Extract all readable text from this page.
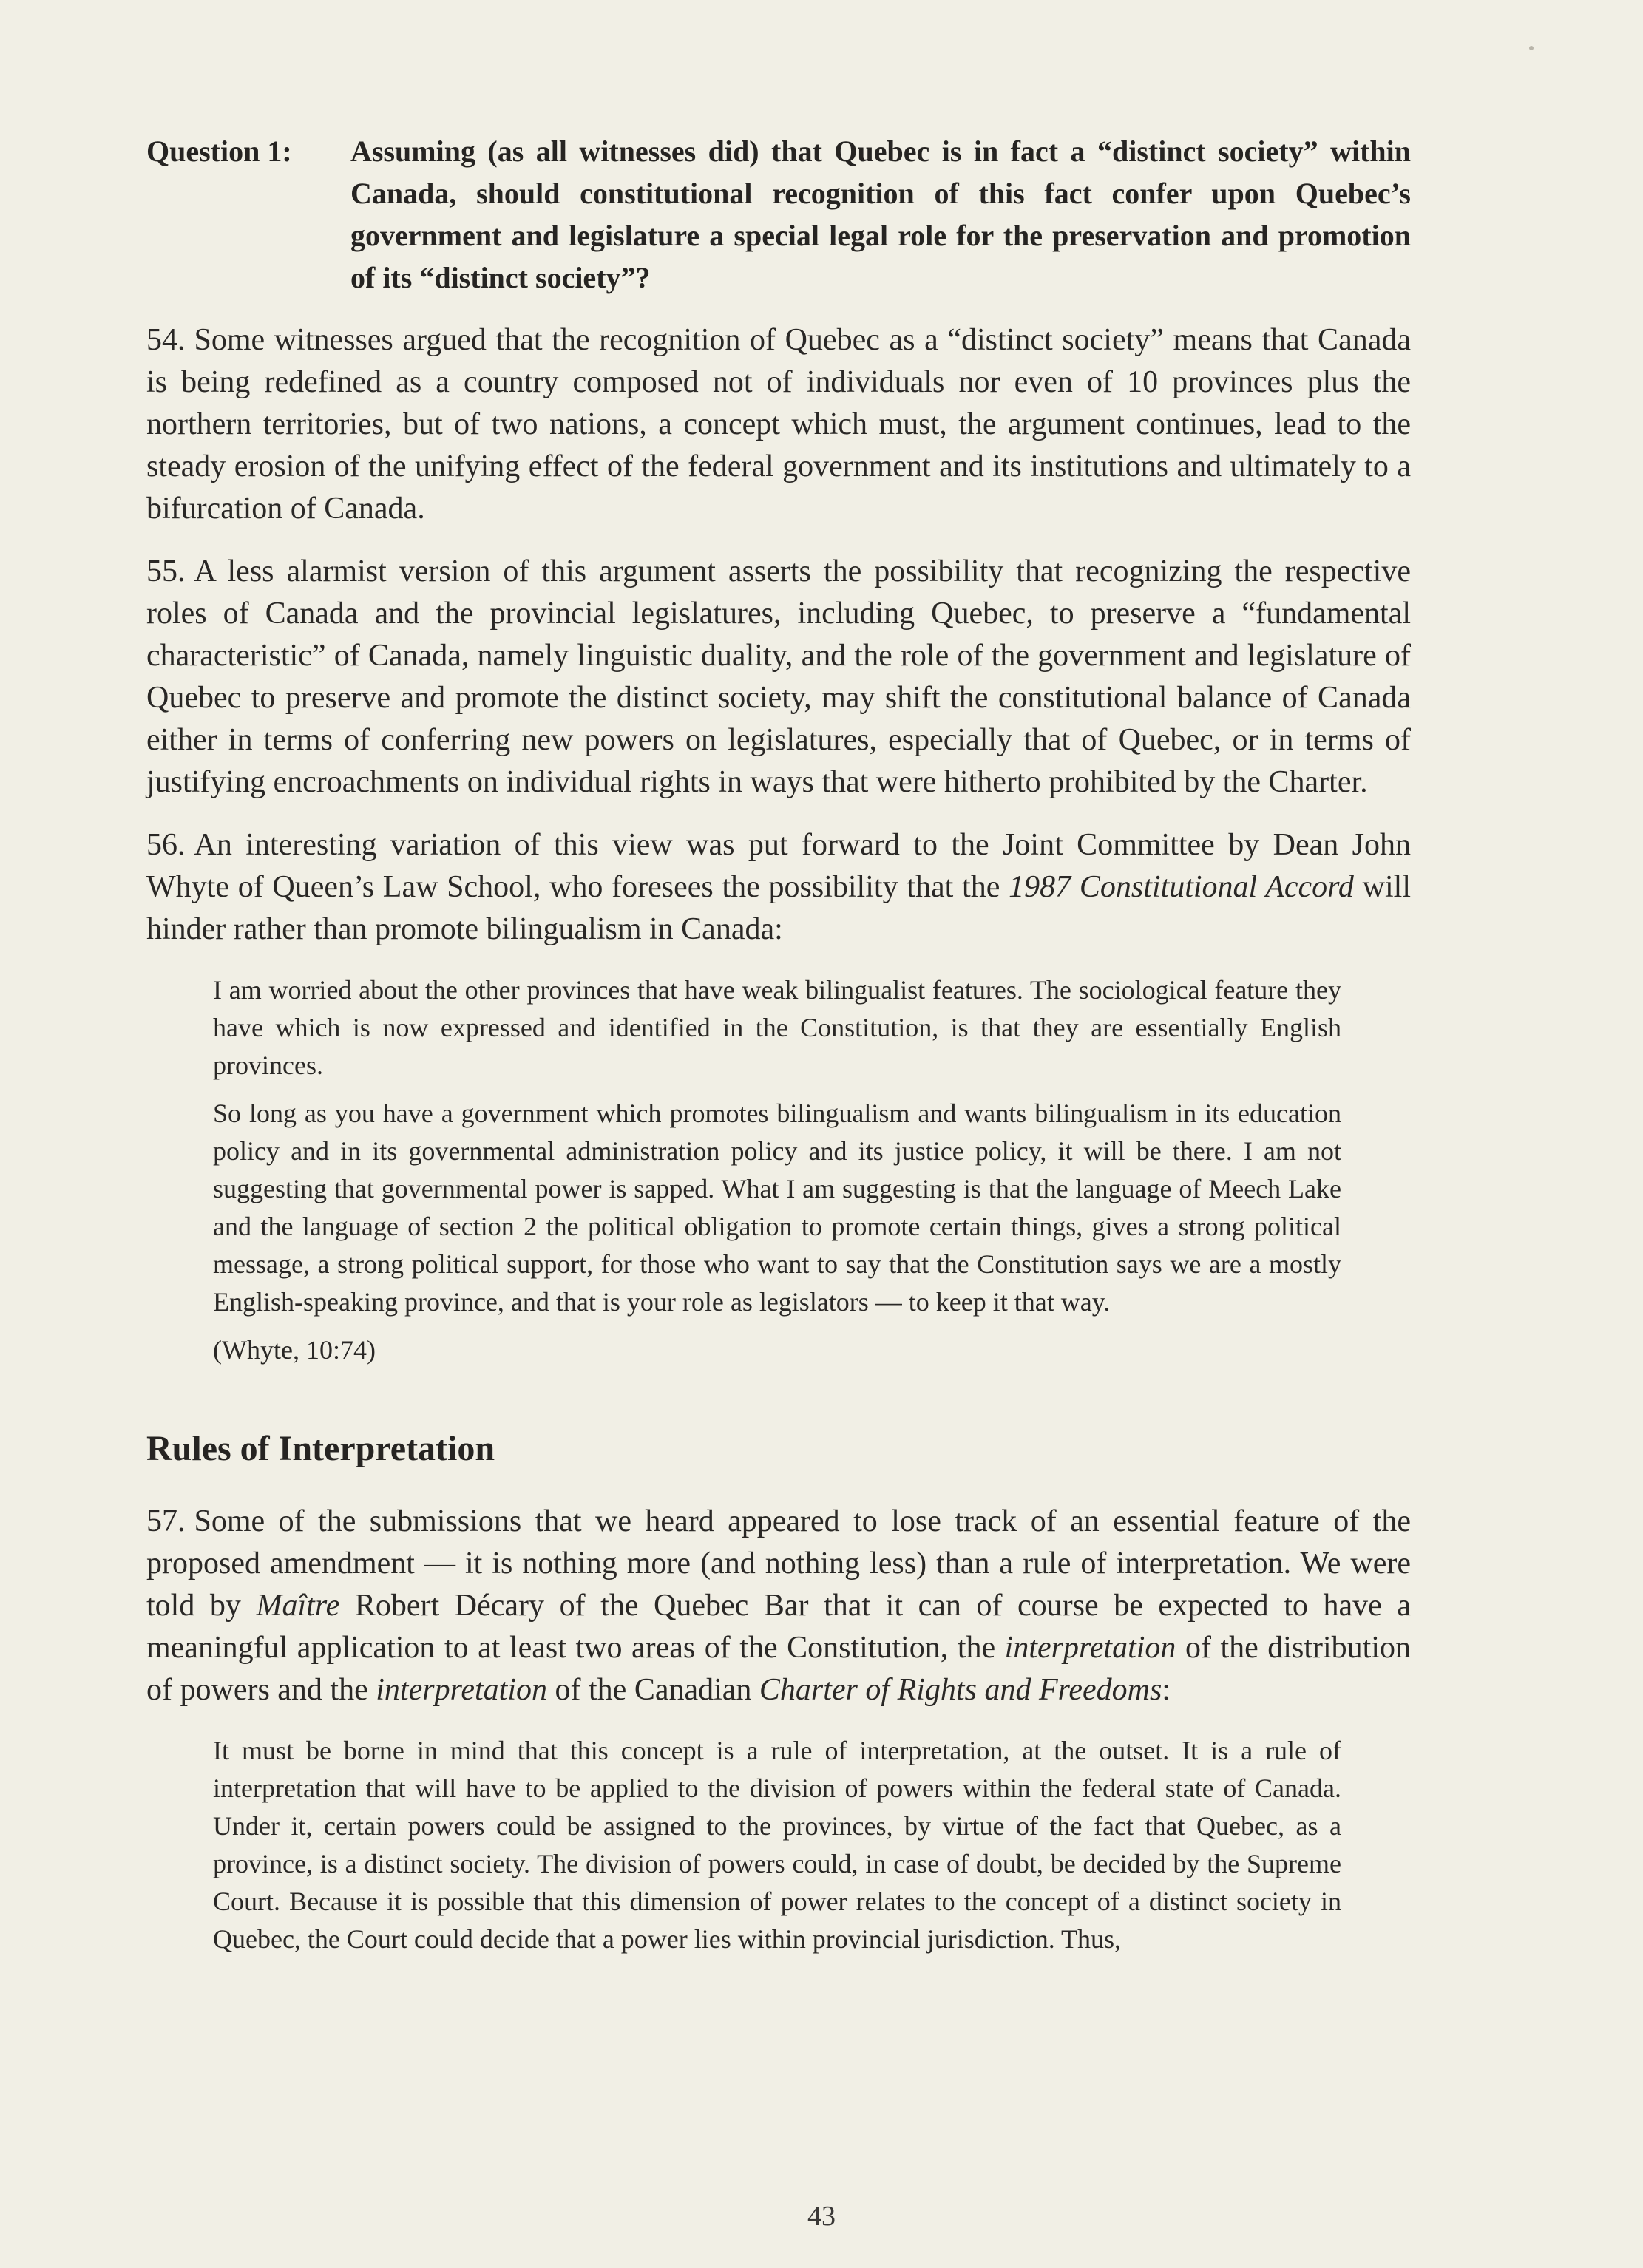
Question 1:	Assuming (as all witnesses did) that Quebec is in fact a “distinct society” within Canada, should constitutional recognition of this fact confer upon Quebec’s government and legislature a special legal role for the preservation and promotion of its “distinct society”?

54. Some witnesses argued that the recognition of Quebec as a “distinct society” means that Canada is being redefined as a country composed not of individuals nor even of 10 provinces plus the northern territories, but of two nations, a concept which must, the argument continues, lead to the steady erosion of the unifying effect of the federal government and its institutions and ultimately to a bifurcation of Canada.

55. A less alarmist version of this argument asserts the possibility that recognizing the respective roles of Canada and the provincial legislatures, including Quebec, to preserve a “fundamental characteristic” of Canada, namely linguistic duality, and the role of the government and legislature of Quebec to preserve and promote the distinct society, may shift the constitutional balance of Canada either in terms of conferring new powers on legislatures, especially that of Quebec, or in terms of justifying encroachments on individual rights in ways that were hitherto prohibited by the Charter.

56. An interesting variation of this view was put forward to the Joint Committee by Dean John Whyte of Queen’s Law School, who foresees the possibility that the 1987 Constitutional Accord will hinder rather than promote bilingualism in Canada:

I am worried about the other provinces that have weak bilingualist features. The sociological feature they have which is now expressed and identified in the Constitution, is that they are essentially English provinces.

So long as you have a government which promotes bilingualism and wants bilingualism in its education policy and in its governmental administration policy and its justice policy, it will be there. I am not suggesting that governmental power is sapped. What I am suggesting is that the language of Meech Lake and the language of section 2 the political obligation to promote certain things, gives a strong political message, a strong political support, for those who want to say that the Constitution says we are a mostly English-speaking province, and that is your role as legislators — to keep it that way.

(Whyte, 10:74)

Rules of Interpretation

57. Some of the submissions that we heard appeared to lose track of an essential feature of the proposed amendment — it is nothing more (and nothing less) than a rule of interpretation. We were told by Maître Robert Décary of the Quebec Bar that it can of course be expected to have a meaningful application to at least two areas of the Constitution, the interpretation of the distribution of powers and the interpretation of the Canadian Charter of Rights and Freedoms:

It must be borne in mind that this concept is a rule of interpretation, at the outset. It is a rule of interpretation that will have to be applied to the division of powers within the federal state of Canada. Under it, certain powers could be assigned to the provinces, by virtue of the fact that Quebec, as a province, is a distinct society. The division of powers could, in case of doubt, be decided by the Supreme Court. Because it is possible that this dimension of power relates to the concept of a distinct society in Quebec, the Court could decide that a power lies within provincial jurisdiction. Thus,

43
